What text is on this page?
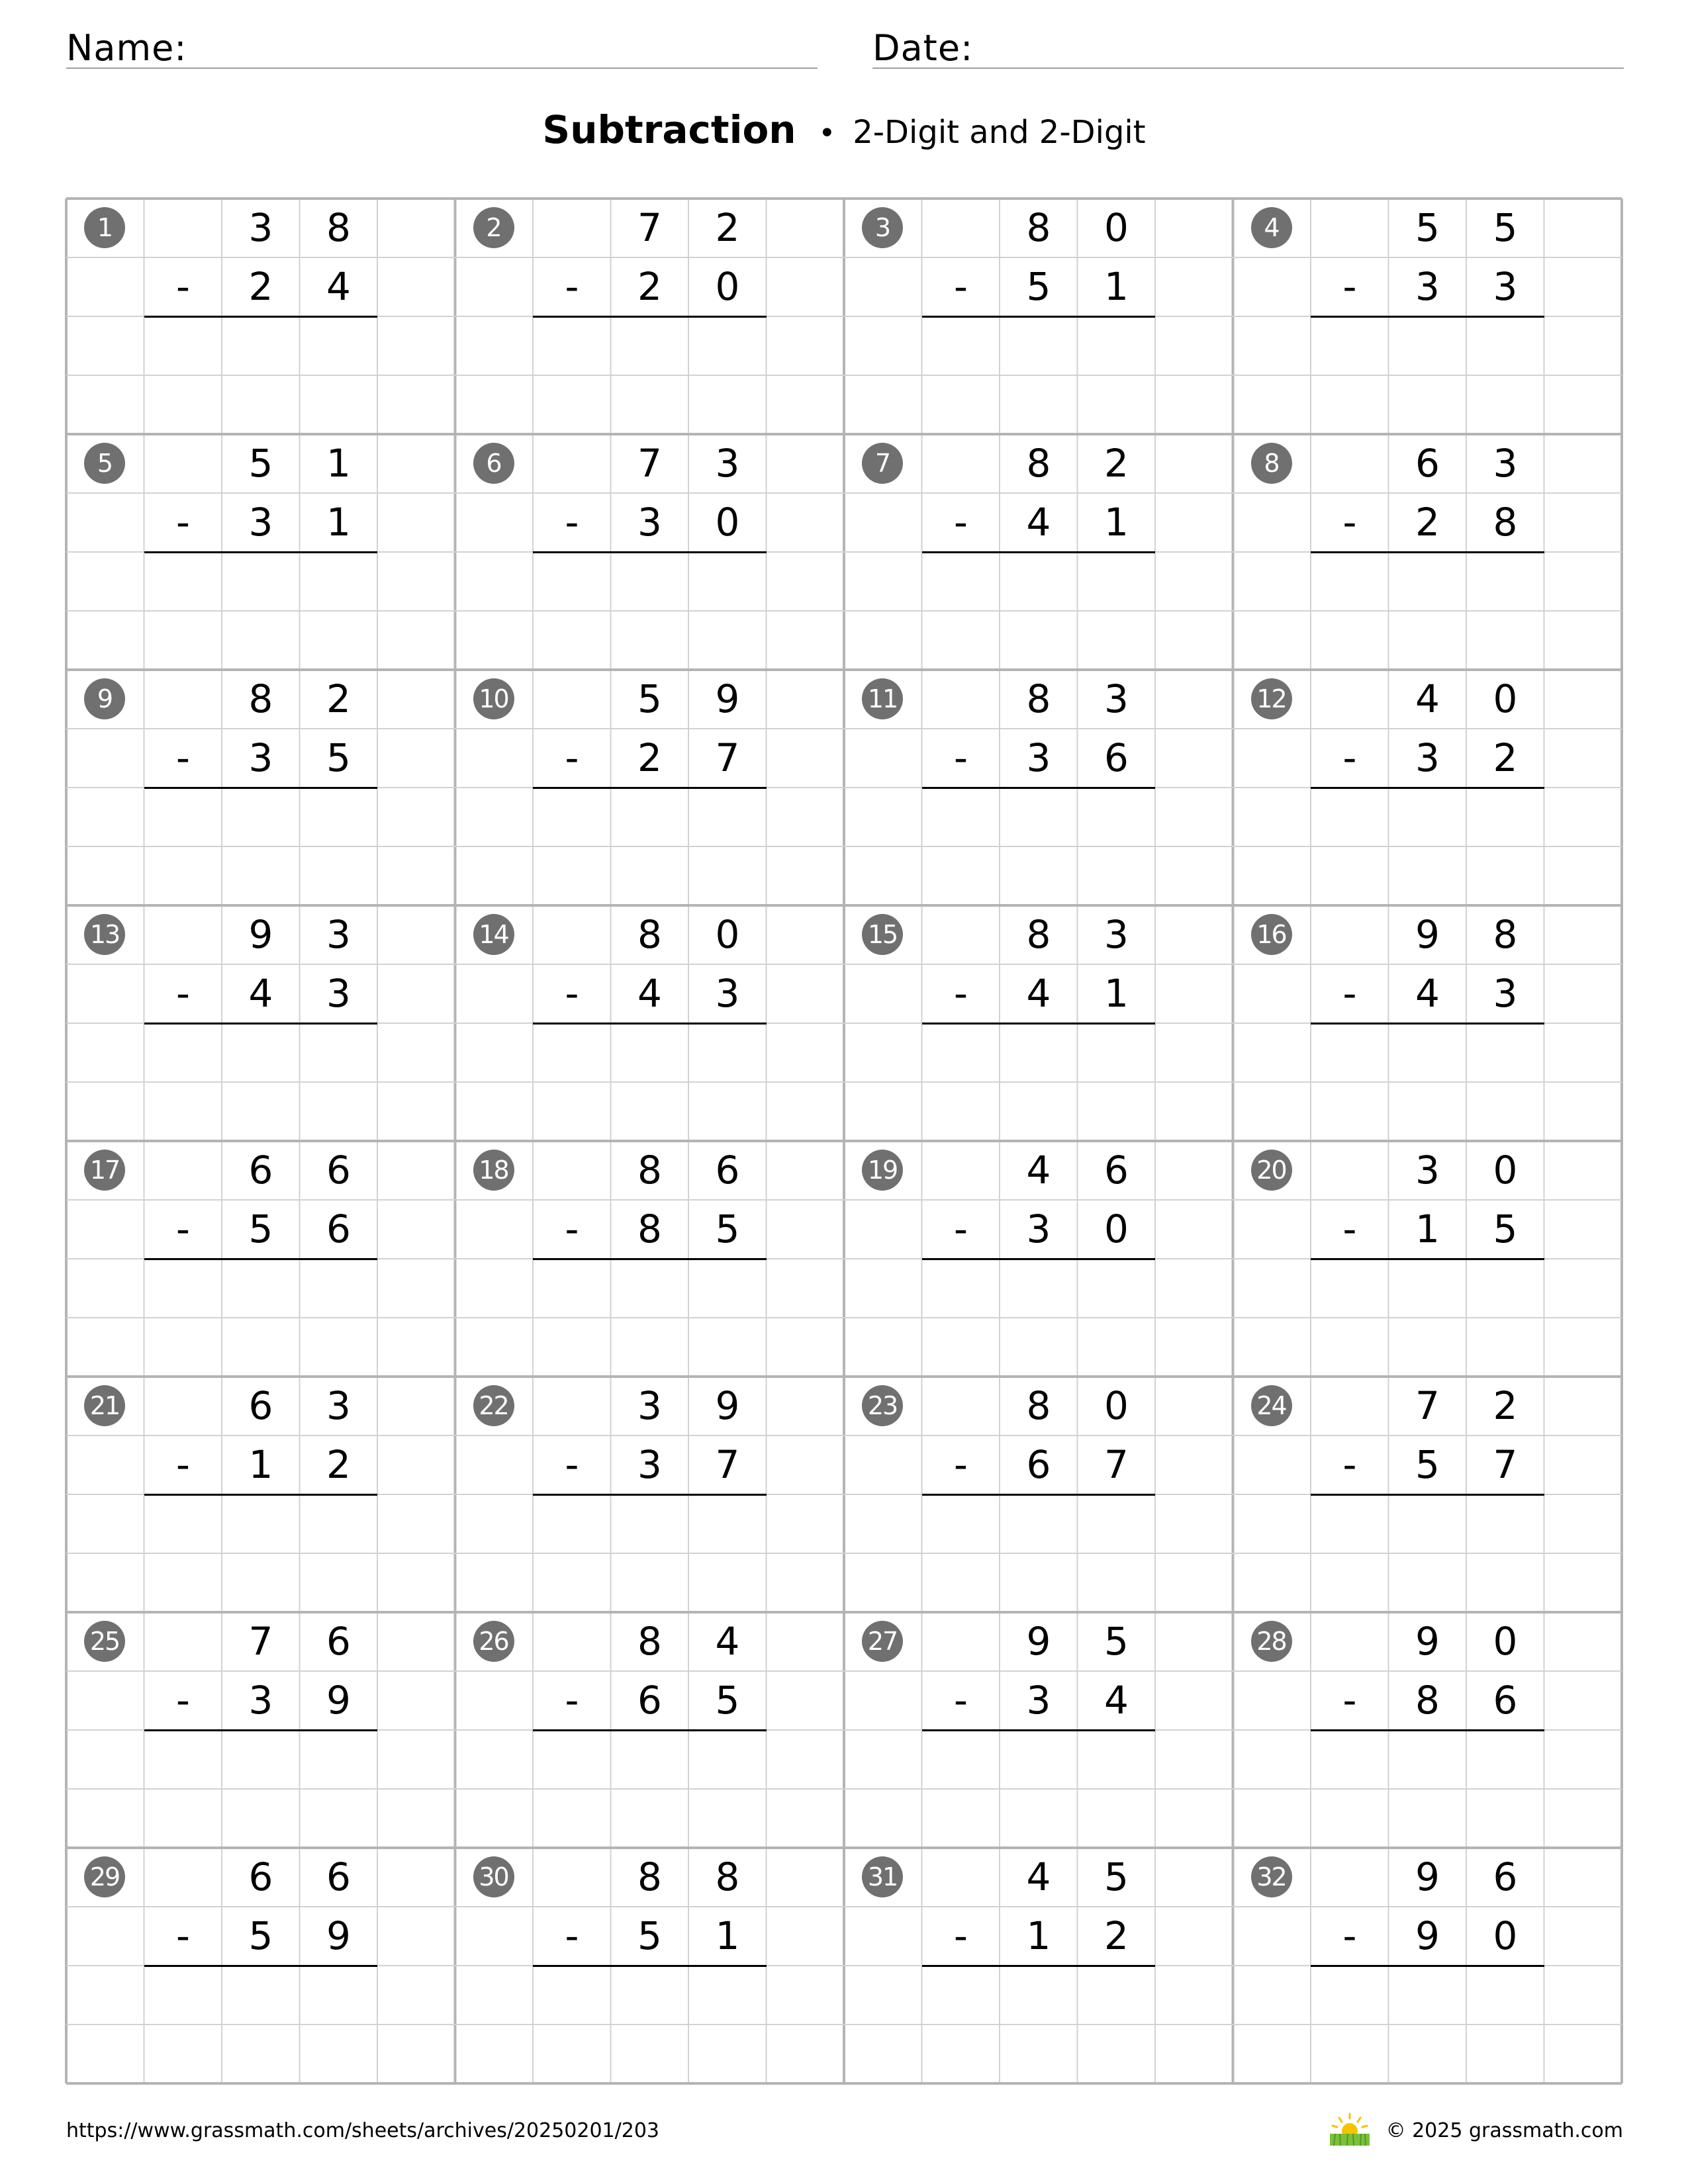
Name:	Date:
Subtraction • 2-Digit and 2-Digit
1	3	8
-	2	4
2	7	2
-	2	0
3	8	0
-	5	1
4	5	5
-	3	3
5	5	1
-	3	1
6	7	3
-	3	0
7	8	2
-	4	1
8	6	3
-	2	8
9	8	2
-	3	5
10	5	9
-	2	7
11	8	3
-	3	6
12	4	0
-	3	2
13	9	3
-	4	3
14	8	0
-	4	3
15	8	3
-	4	1
16	9	8
-	4	3
17	6	6
-	5	6
18	8	6
-	8	5
19	4	6
-	3	0
20	3	0
-	1	5
21	6	3
-	1	2
22	3	9
-	3	7
23	8	0
-	6	7
24	7	2
-	5	7
25	7	6
-	3	9
26	8	4
-	6	5
27	9	5
-	3	4
28	9	0
-	8	6
29	6	6
-	5	9
30	8	8
-	5	1
31	4	5
-	1	2
32	9	6
-	9	0
https://www.grassmath.com/sheets/archives/20250201/203	© 2025 grassmath.com
